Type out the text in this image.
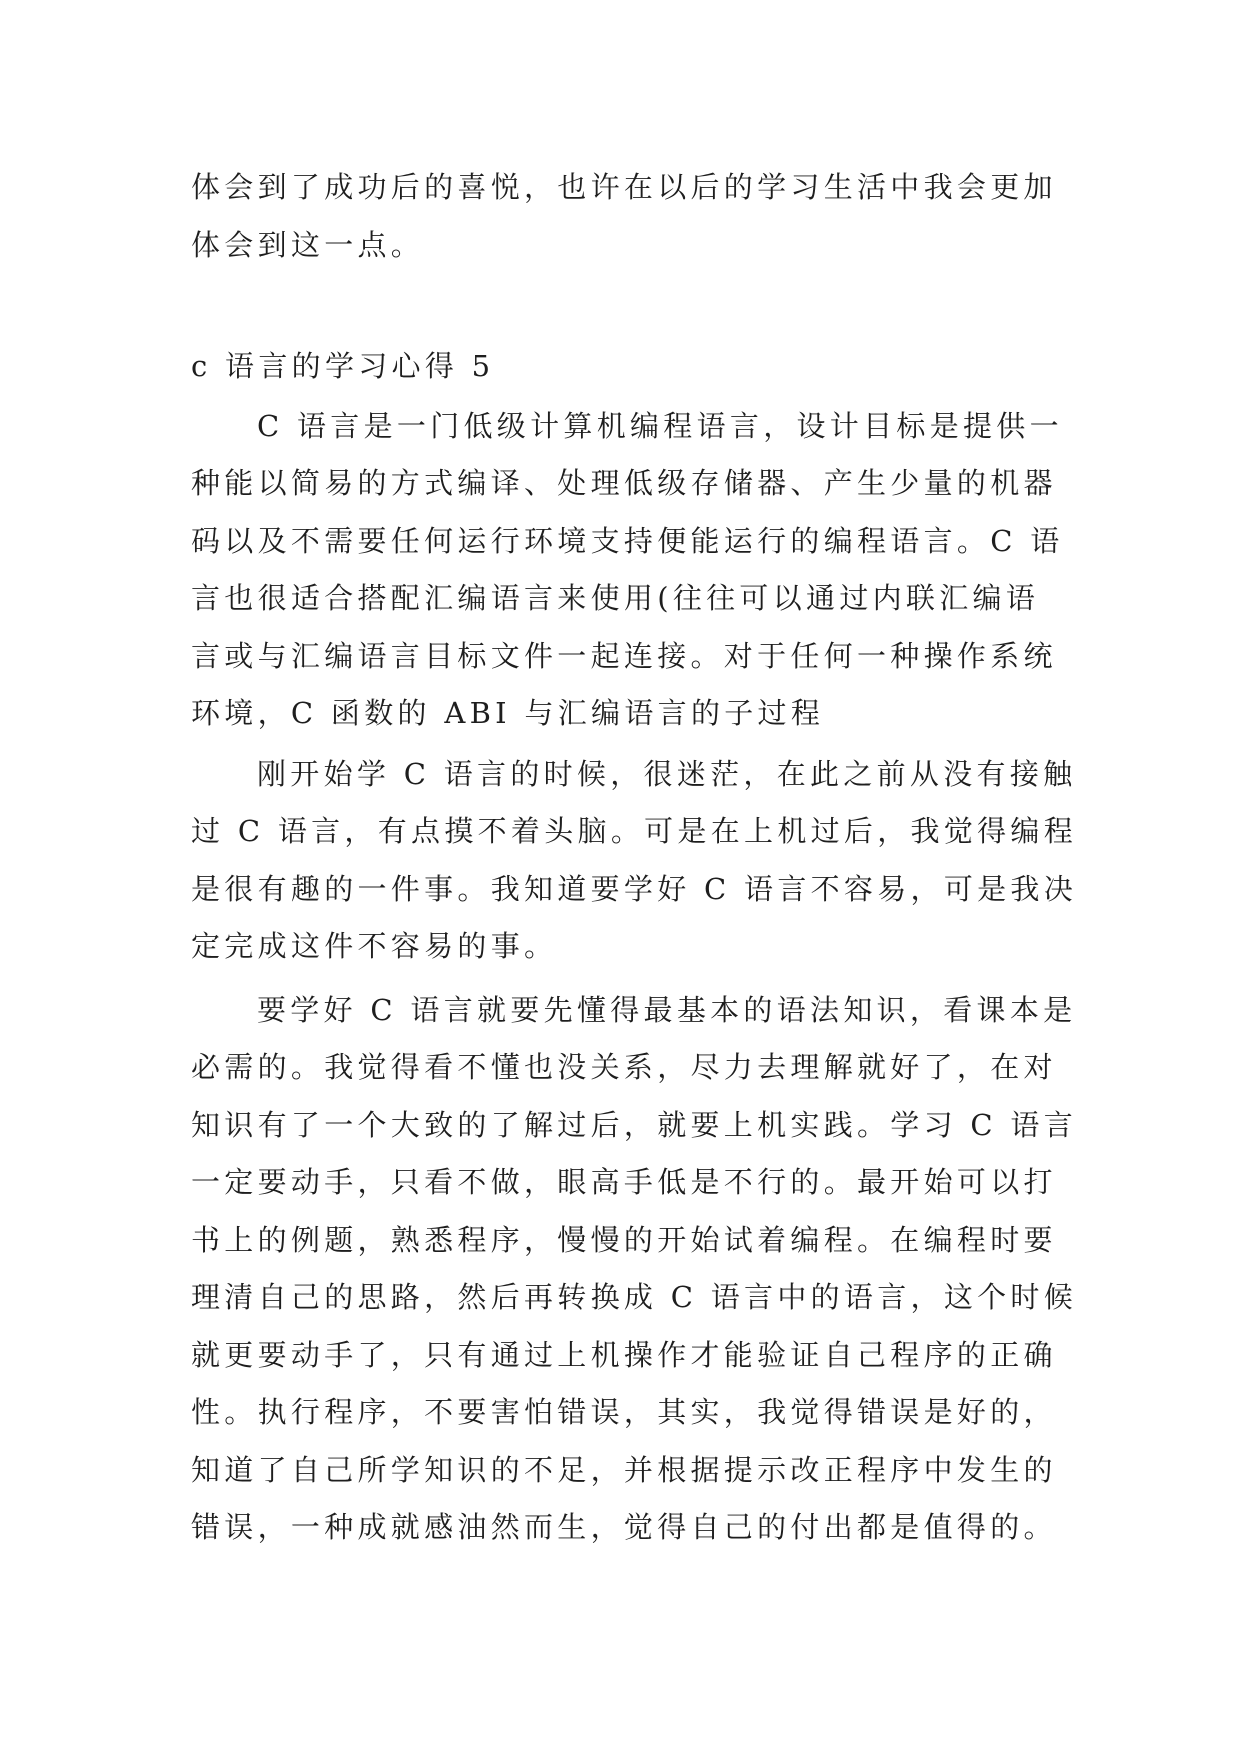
体会到了成功后的喜悦，也许在以后的学习生活中我会更加
体会到这一点。
c 语言的学习心得 5
C 语言是一门低级计算机编程语言，设计目标是提供一
种能以简易的方式编译、处理低级存储器、产生少量的机器
码以及不需要任何运行环境支持便能运行的编程语言。C 语
言也很适合搭配汇编语言来使用(往往可以通过内联汇编语
言或与汇编语言目标文件一起连接。对于任何一种操作系统
环境，C 函数的 ABI 与汇编语言的子过程
刚开始学 C 语言的时候，很迷茫，在此之前从没有接触
过 C 语言，有点摸不着头脑。可是在上机过后，我觉得编程
是很有趣的一件事。我知道要学好 C 语言不容易，可是我决
定完成这件不容易的事。
要学好 C 语言就要先懂得最基本的语法知识，看课本是
必需的。我觉得看不懂也没关系，尽力去理解就好了，在对
知识有了一个大致的了解过后，就要上机实践。学习 C 语言
一定要动手，只看不做，眼高手低是不行的。最开始可以打
书上的例题，熟悉程序，慢慢的开始试着编程。在编程时要
理清自己的思路，然后再转换成 C 语言中的语言，这个时候
就更要动手了，只有通过上机操作才能验证自己程序的正确
性。执行程序，不要害怕错误，其实，我觉得错误是好的，
知道了自己所学知识的不足，并根据提示改正程序中发生的
错误，一种成就感油然而生，觉得自己的付出都是值得的。
